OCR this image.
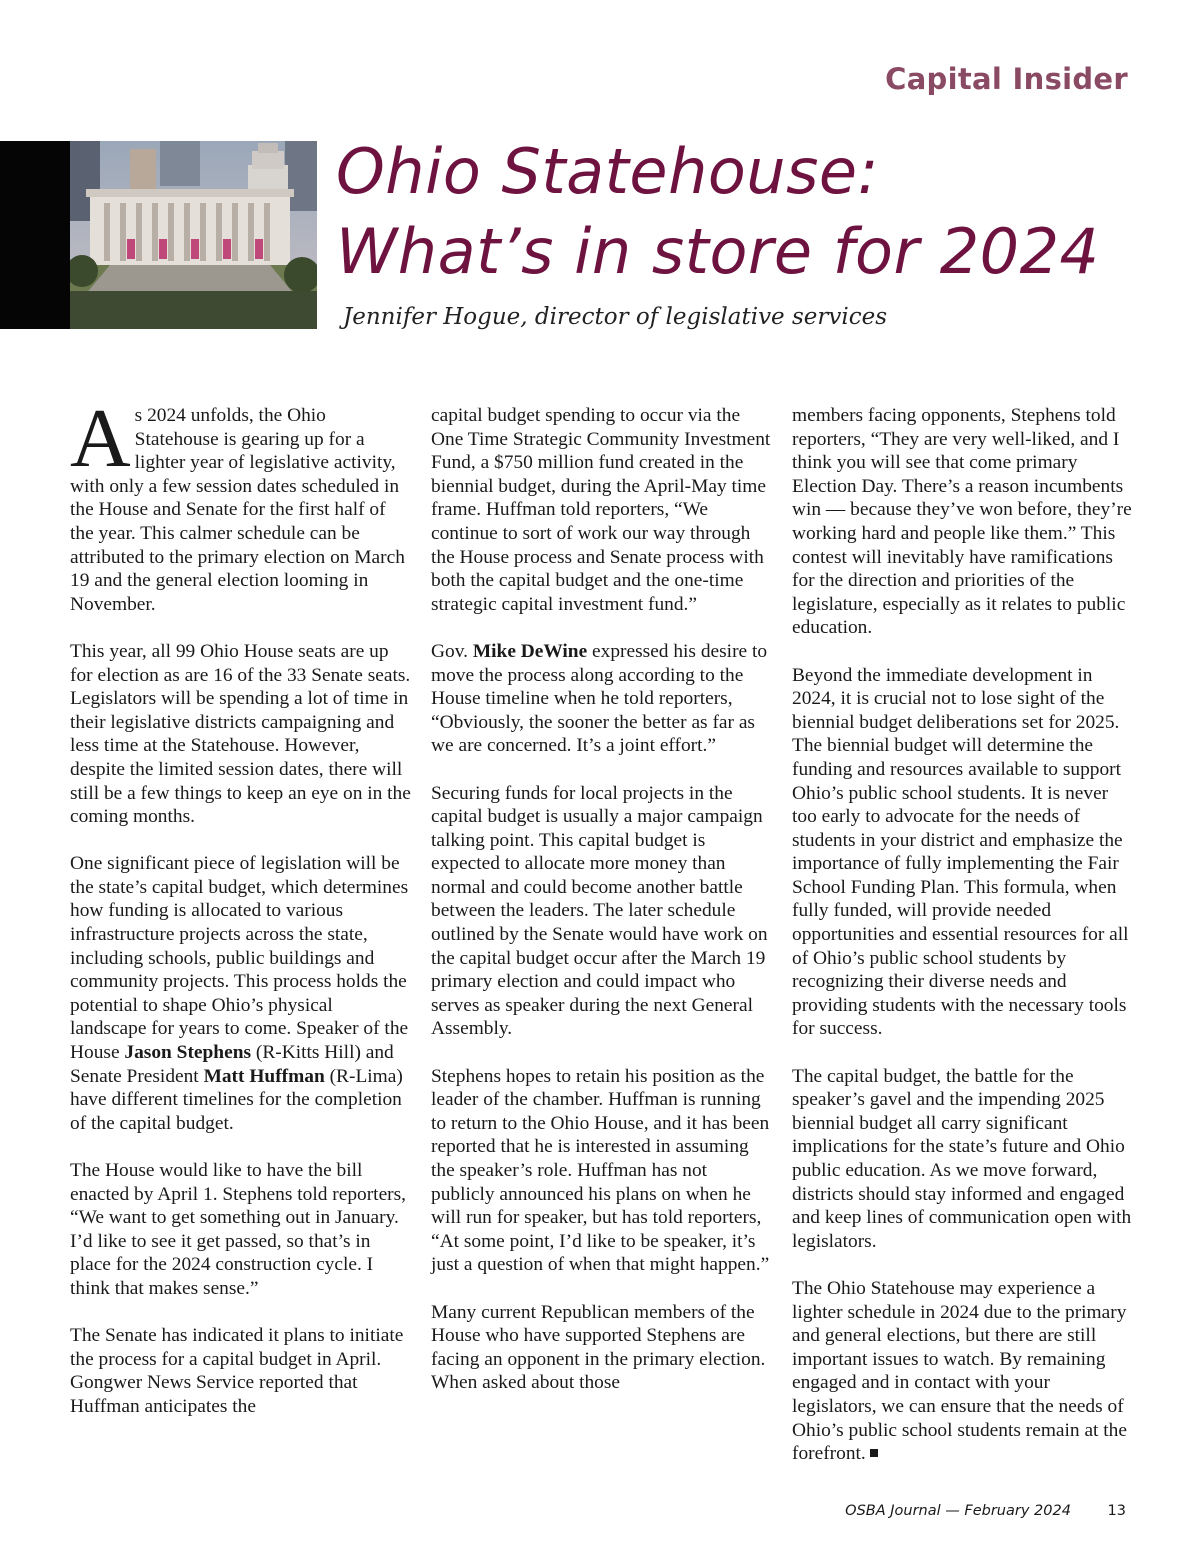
Capital Insider
Ohio Statehouse:
What’s in store for 2024
Jennifer Hogue, director of legislative services

As 2024 unfolds, the Ohio Statehouse is gearing up for a lighter year of legislative activity, with only a few session dates scheduled in the House and Senate for the first half of the year. This calmer schedule can be attributed to the primary election on March 19 and the general election looming in November.

This year, all 99 Ohio House seats are up for election as are 16 of the 33 Senate seats. Legislators will be spending a lot of time in their legislative districts campaigning and less time at the Statehouse. However, despite the limited session dates, there will still be a few things to keep an eye on in the coming months.

One significant piece of legislation will be the state’s capital budget, which determines how funding is allocated to various infrastructure projects across the state, including schools, public buildings and community projects. This process holds the potential to shape Ohio’s physical landscape for years to come. Speaker of the House Jason Stephens (R-Kitts Hill) and Senate President Matt Huffman (R-Lima) have different timelines for the completion of the capital budget.

The House would like to have the bill enacted by April 1. Stephens told reporters, “We want to get something out in January. I’d like to see it get passed, so that’s in place for the 2024 construction cycle. I think that makes sense.”

The Senate has indicated it plans to initiate the process for a capital budget in April. Gongwer News Service reported that Huffman anticipates the

capital budget spending to occur via the One Time Strategic Community Investment Fund, a $750 million fund created in the biennial budget, during the April-May time frame. Huffman told reporters, “We continue to sort of work our way through the House process and Senate process with both the capital budget and the one-time strategic capital investment fund.”

Gov. Mike DeWine expressed his desire to move the process along according to the House timeline when he told reporters, “Obviously, the sooner the better as far as we are concerned. It’s a joint effort.”

Securing funds for local projects in the capital budget is usually a major campaign talking point. This capital budget is expected to allocate more money than normal and could become another battle between the leaders. The later schedule outlined by the Senate would have work on the capital budget occur after the March 19 primary election and could impact who serves as speaker during the next General Assembly.

Stephens hopes to retain his position as the leader of the chamber. Huffman is running to return to the Ohio House, and it has been reported that he is interested in assuming the speaker’s role. Huffman has not publicly announced his plans on when he will run for speaker, but has told reporters, “At some point, I’d like to be speaker, it’s just a question of when that might happen.”

Many current Republican members of the House who have supported Stephens are facing an opponent in the primary election. When asked about those

members facing opponents, Stephens told reporters, “They are very well-liked, and I think you will see that come primary Election Day. There’s a reason incumbents win — because they’ve won before, they’re working hard and people like them.” This contest will inevitably have ramifications for the direction and priorities of the legislature, especially as it relates to public education.

Beyond the immediate development in 2024, it is crucial not to lose sight of the biennial budget deliberations set for 2025. The biennial budget will determine the funding and resources available to support Ohio’s public school students. It is never too early to advocate for the needs of students in your district and emphasize the importance of fully implementing the Fair School Funding Plan. This formula, when fully funded, will provide needed opportunities and essential resources for all of Ohio’s public school students by recognizing their diverse needs and providing students with the necessary tools for success.

The capital budget, the battle for the speaker’s gavel and the impending 2025 biennial budget all carry significant implications for the state’s future and Ohio public education. As we move forward, districts should stay informed and engaged and keep lines of communication open with legislators.

The Ohio Statehouse may experience a lighter schedule in 2024 due to the primary and general elections, but there are still important issues to watch. By remaining engaged and in contact with your legislators, we can ensure that the needs of Ohio’s public school students remain at the forefront.

OSBA Journal — February 2024	13
